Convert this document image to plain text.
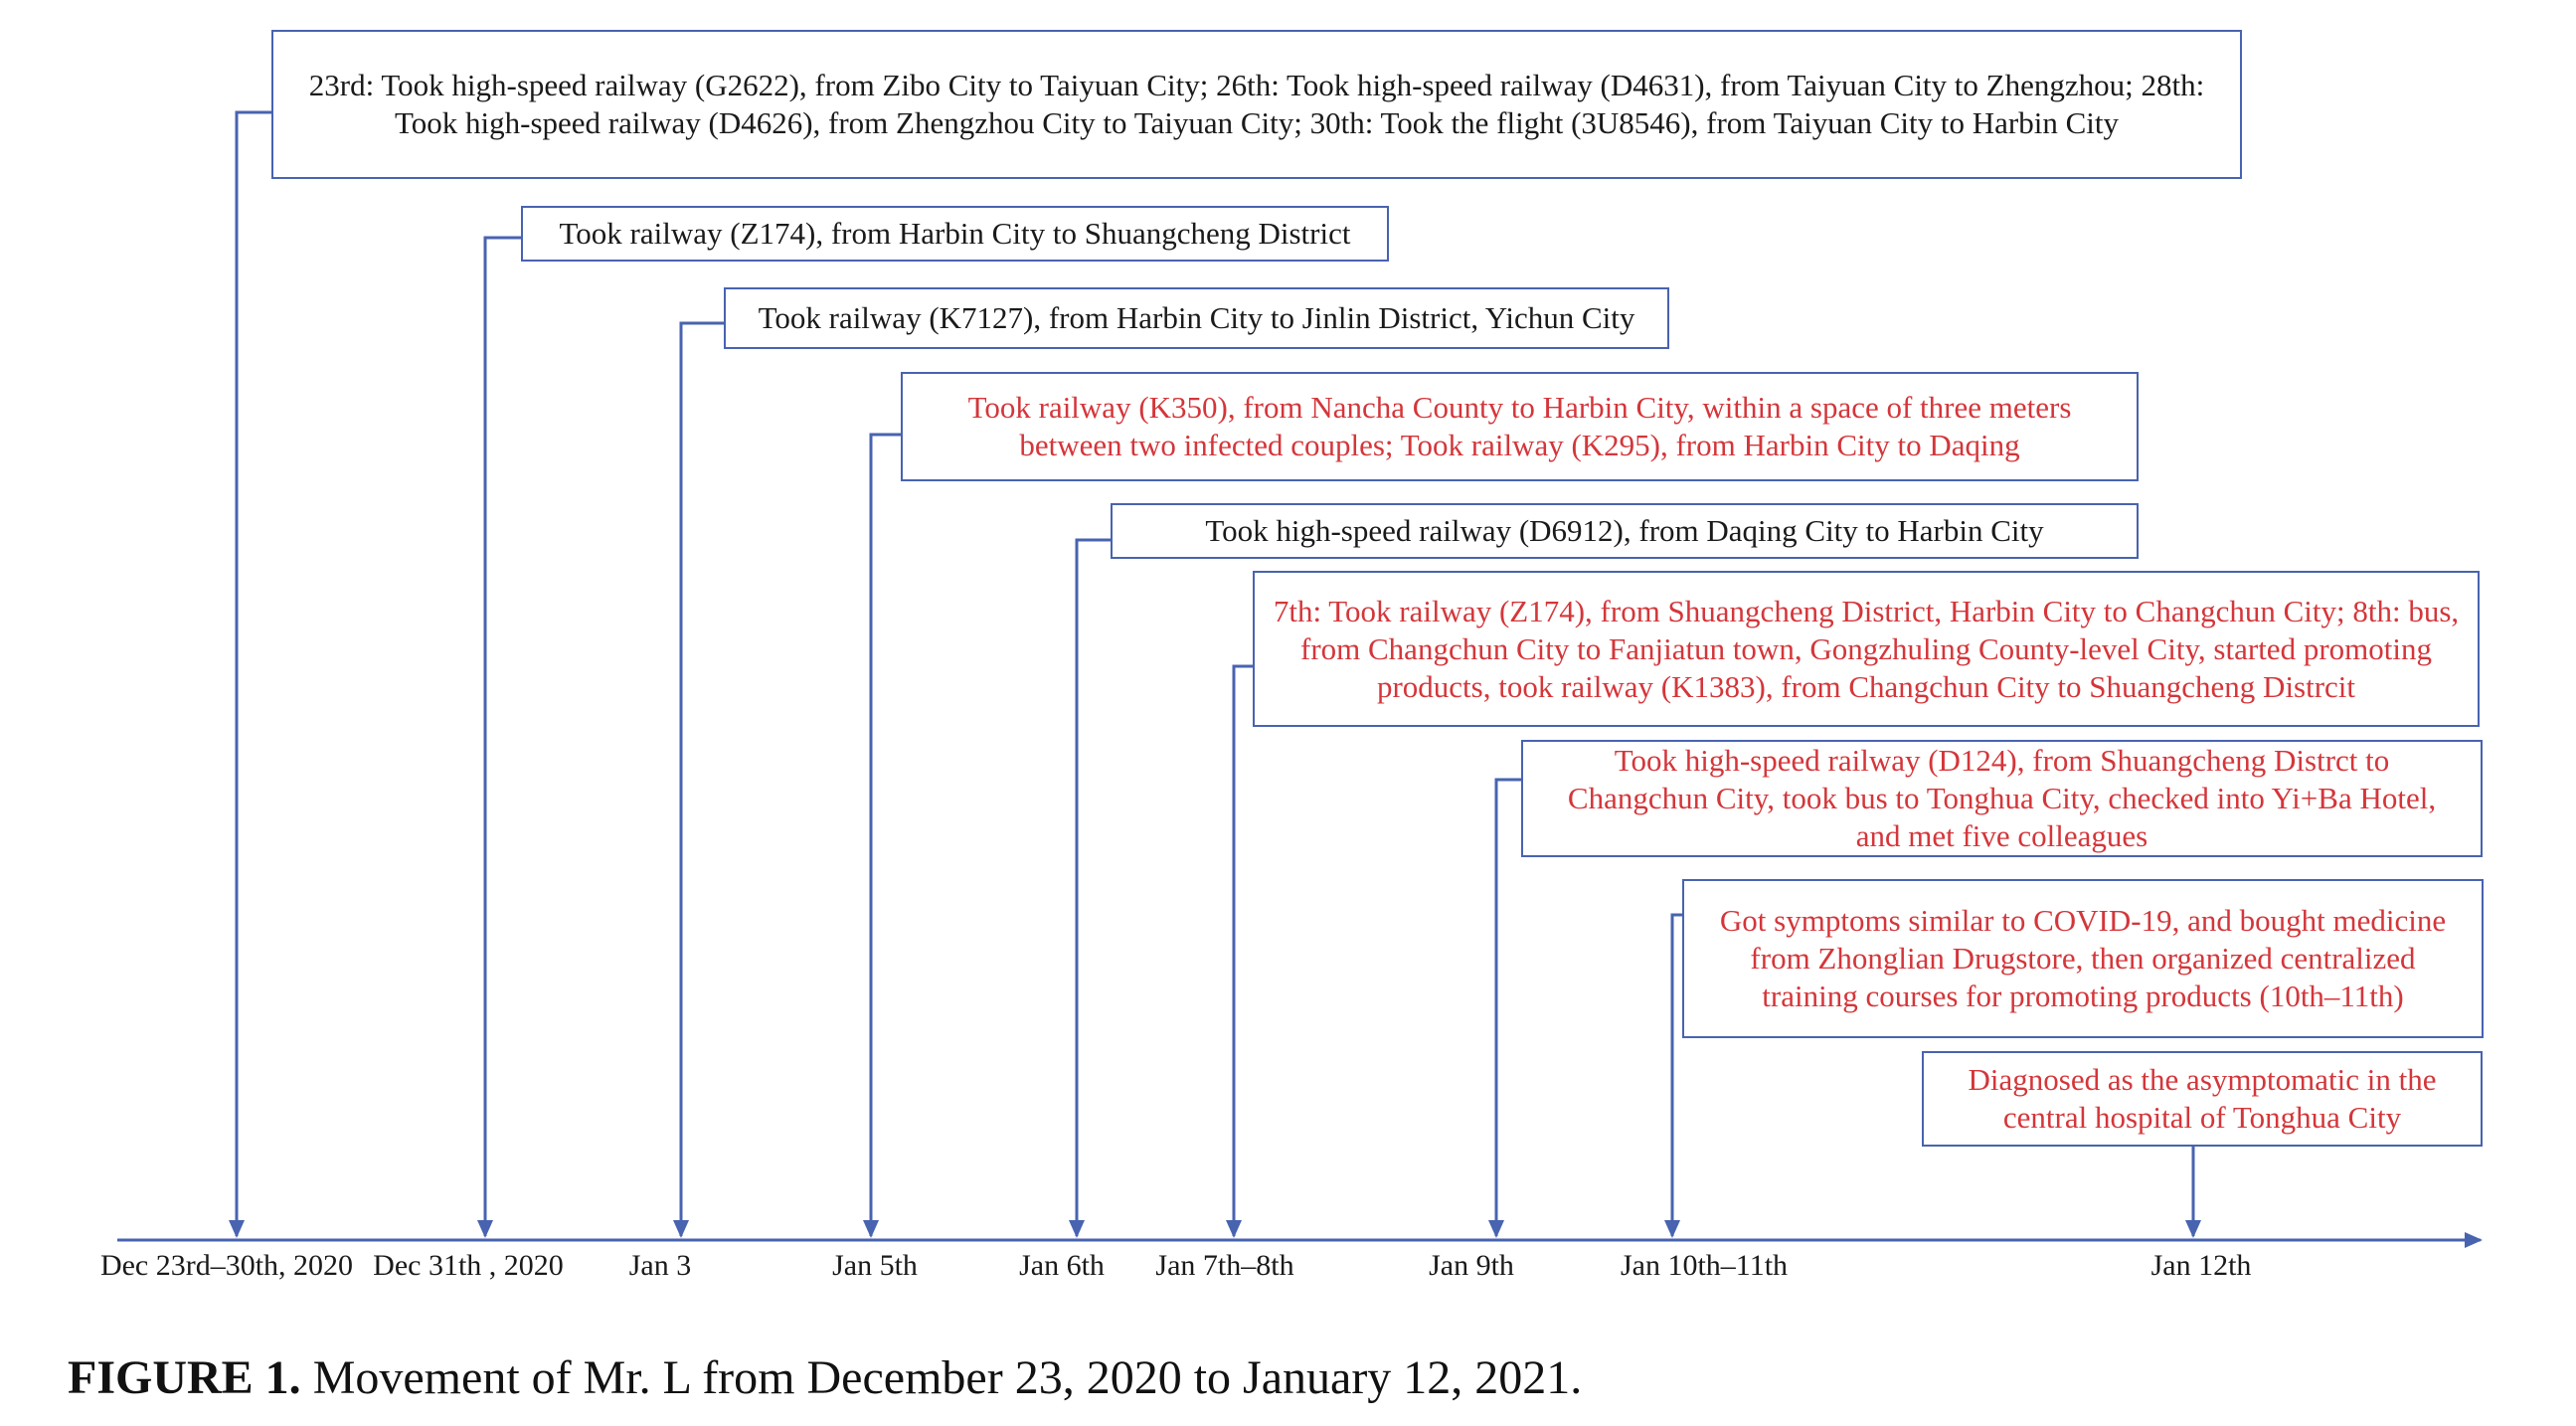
23rd: Took high-speed railway (G2622), from Zibo City to Taiyuan City; 26th: Took high-speed railway (D4631), from Taiyuan City to Zhengzhou; 28th:
Took high-speed railway (D4626), from Zhengzhou City to Taiyuan City; 30th: Took the flight (3U8546), from Taiyuan City to Harbin City
Took railway (Z174), from Harbin City to Shuangcheng District
Took railway (K7127), from Harbin City to Jinlin District, Yichun City
Took railway (K350), from Nancha County to Harbin City, within a space of three meters
between two infected couples; Took railway (K295), from Harbin City to Daqing
Took high-speed railway (D6912), from Daqing City to Harbin City
7th: Took railway (Z174), from Shuangcheng District, Harbin City to Changchun City; 8th: bus,
from Changchun City to Fanjiatun town, Gongzhuling County-level City, started promoting
products, took railway (K1383), from Changchun City to Shuangcheng Distrcit
Took high-speed railway (D124), from Shuangcheng Distrct to
Changchun City, took bus to Tonghua City, checked into Yi+Ba Hotel,
and met five colleagues
Got symptoms similar to COVID-19, and bought medicine
from Zhonglian Drugstore, then organized centralized
training courses for promoting products (10th–11th)
Diagnosed as the asymptomatic in the
central hospital of Tonghua City
Dec 23rd–30th, 2020 Dec 31th , 2020 Jan 3	Jan 5th	Jan 6th Jan 7th–8th	Jan 9th	Jan 10th–11th	Jan 12th
FIGURE 1. Movement of Mr. L from December 23, 2020 to January 12, 2021.
